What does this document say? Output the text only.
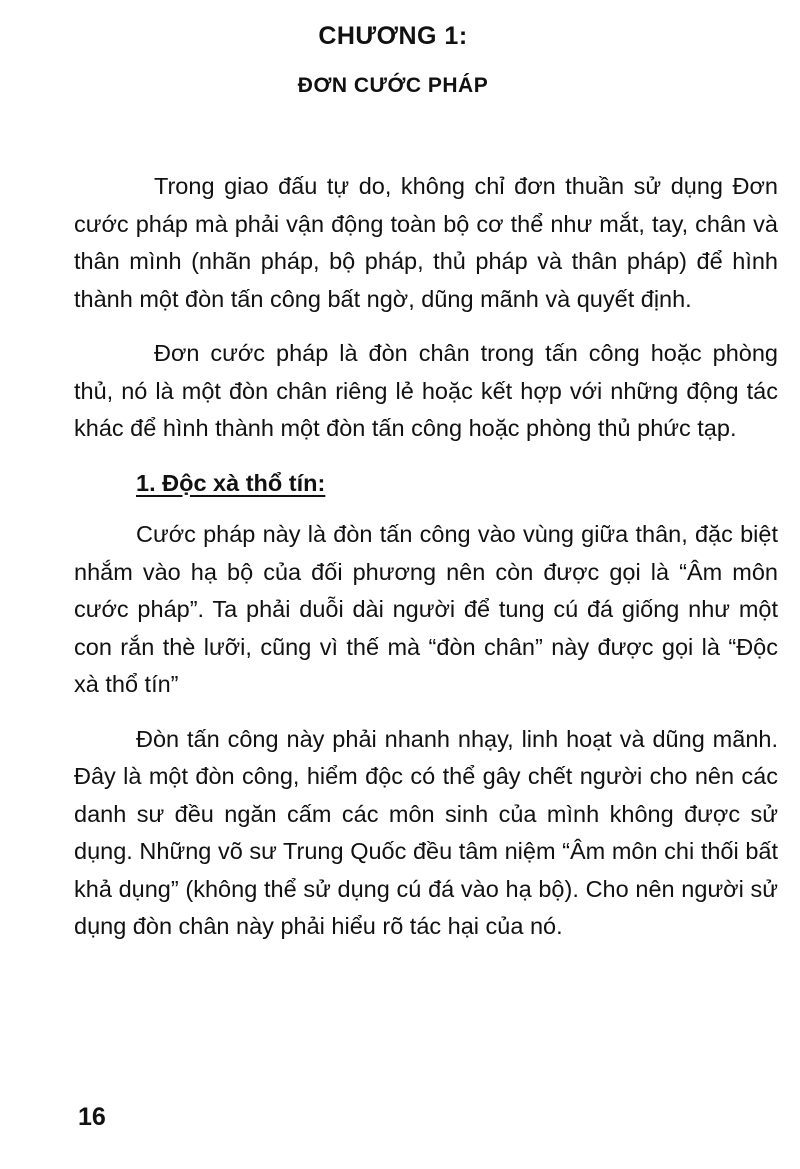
CHƯƠNG 1:
ĐƠN CƯỚC PHÁP

Trong giao đấu tự do, không chỉ đơn thuần sử dụng Đơn cước pháp mà phải vận động toàn bộ cơ thể như mắt, tay, chân và thân mình (nhãn pháp, bộ pháp, thủ pháp và thân pháp) để hình thành một đòn tấn công bất ngờ, dũng mãnh và quyết định.

Đơn cước pháp là đòn chân trong tấn công hoặc phòng thủ, nó là một đòn chân riêng lẻ hoặc kết hợp với những động tác khác để hình thành một đòn tấn công hoặc phòng thủ phức tạp.

1. Độc xà thổ tín:

Cước pháp này là đòn tấn công vào vùng giữa thân, đặc biệt nhắm vào hạ bộ của đối phương nên còn được gọi là “Âm môn cước pháp”. Ta phải duỗi dài người để tung cú đá giống như một con rắn thè lưỡi, cũng vì thế mà “đòn chân” này được gọi là “Độc xà thổ tín”

Đòn tấn công này phải nhanh nhạy, linh hoạt và dũng mãnh. Đây là một đòn công, hiểm độc có thể gây chết người cho nên các danh sư đều ngăn cấm các môn sinh của mình không được sử dụng. Những võ sư Trung Quốc đều tâm niệm “Âm môn chi thối bất khả dụng” (không thể sử dụng cú đá vào hạ bộ). Cho nên người sử dụng đòn chân này phải hiểu rõ tác hại của nó.

16
